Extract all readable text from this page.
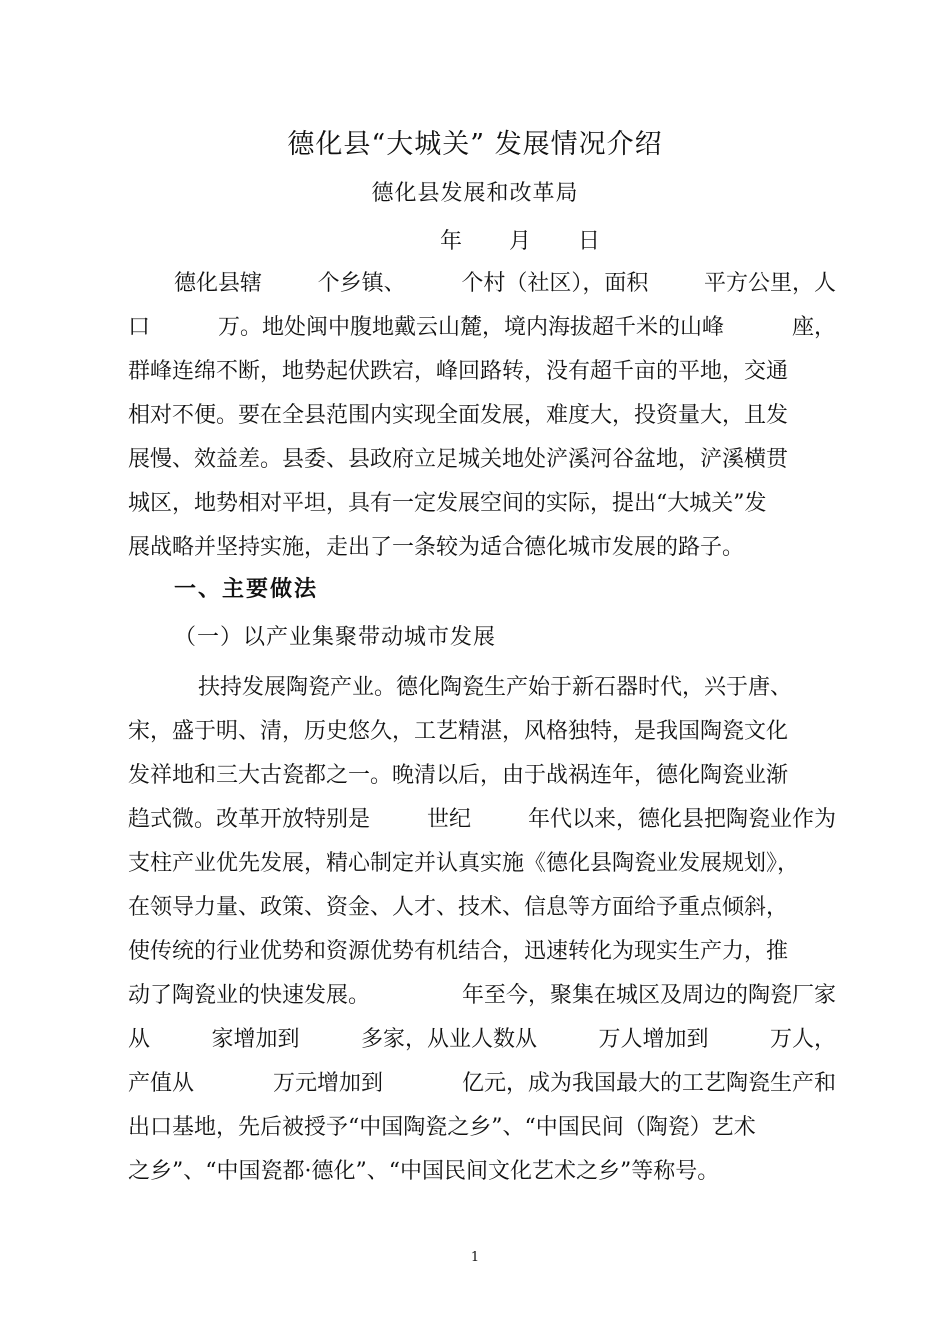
德化县“大城关” 发展情况介绍
德化县发展和改革局
年 月 日
德化县辖	个乡镇、	个村（社区），面积	平方公里，人
口	万。地处闽中腹地戴云山麓，境内海拔超千米的山峰	座，
群峰连绵不断，地势起伏跌宕，峰回路转，没有超千亩的平地，交通
相对不便。要在全县范围内实现全面发展，难度大，投资量大，且发
展慢、效益差。县委、县政府立足城关地处浐溪河谷盆地，浐溪横贯
城区，地势相对平坦，具有一定发展空间的实际，提出“大城关”发
展战略并坚持实施，走出了一条较为适合德化城市发展的路子。
一、主要做法
（一）以产业集聚带动城市发展
扶持发展陶瓷产业。德化陶瓷生产始于新石器时代，兴于唐、
宋，盛于明、清，历史悠久，工艺精湛，风格独特，是我国陶瓷文化
发祥地和三大古瓷都之一。晚清以后，由于战祸连年，德化陶瓷业渐
趋式微。改革开放特别是	世纪	年代以来，德化县把陶瓷业作为
支柱产业优先发展，精心制定并认真实施《德化县陶瓷业发展规划》，
在领导力量、政策、资金、人才、技术、信息等方面给予重点倾斜，
使传统的行业优势和资源优势有机结合，迅速转化为现实生产力，推
动了陶瓷业的快速发展。	年至今，聚集在城区及周边的陶瓷厂家
从	家增加到	多家，从业人数从	万人增加到	万人，
产值从	万元增加到	亿元，成为我国最大的工艺陶瓷生产和
出口基地，先后被授予“中国陶瓷之乡”、“中国民间（陶瓷）艺术
之乡”、“中国瓷都·德化”、“中国民间文化艺术之乡”等称号。
1
